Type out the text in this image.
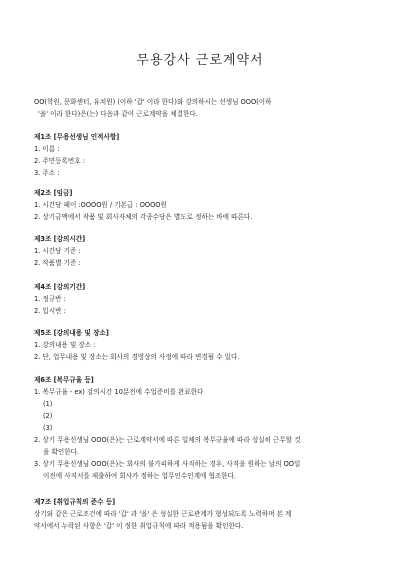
무용강사 근로계약서
OO(학원, 문화센터, 유치원) (이하 '갑' 이라 한다)와 강의하시는 선생님 OOO(이하
'을' 이라 한다)은(는) 다음과 같이 근로계약을 체결한다.
제1조 [무용선생님 인적사항]
1. 이름 :
2. 주민등록번호 :
3. 주소 :
제2조 [임금]
1. 시간당 페이 :OOOO원 / 기본급 : OOOO원
2. 상기금액에서 작품 및 회사자체의 각종수당은 별도로 정하는 바에 따른다.
제3조 [강의시간]
1. 시간당 기준 :
2. 작품별 기준 :
제4조 [강의기간]
1. 정규반 :
2. 입시반 :
제5조 [강의내용 및 장소]
1. 강의내용 및 장소 :
2. 단, 업무내용 및 장소는 회사의 경영상의 사정에 따라 변경될 수 있다.
제6조 [복무규율 등]
1. 복무규율 - ex) 강의시간 10분전에 수업준비를 완료한다
(1)
(2)
(3)
2. 상기 무용선생님 OOO(은)는 근로계약서에 따른 일체의 복무규율에 따라 성실히 근무할 것
을 확인한다.
3. 상기 무용선생님 OOO(은)는 회사의 불가피하게 사직하는 경우, 사직을 원하는 날의 OO일
이전에 사직서를 제출하여 회사가 정하는 업무인수인계에 협조한다.
제7조 [취업규칙의 준수 등]
상기와 같은 근로조건에 따라 '갑' 과 '을' 은 성실한 근로관계가 형성되도록 노력하며 본 계
약서에서 누락된 사항은 '갑' 이 정한 취업규칙에 따라 적용됨을 확인한다.
